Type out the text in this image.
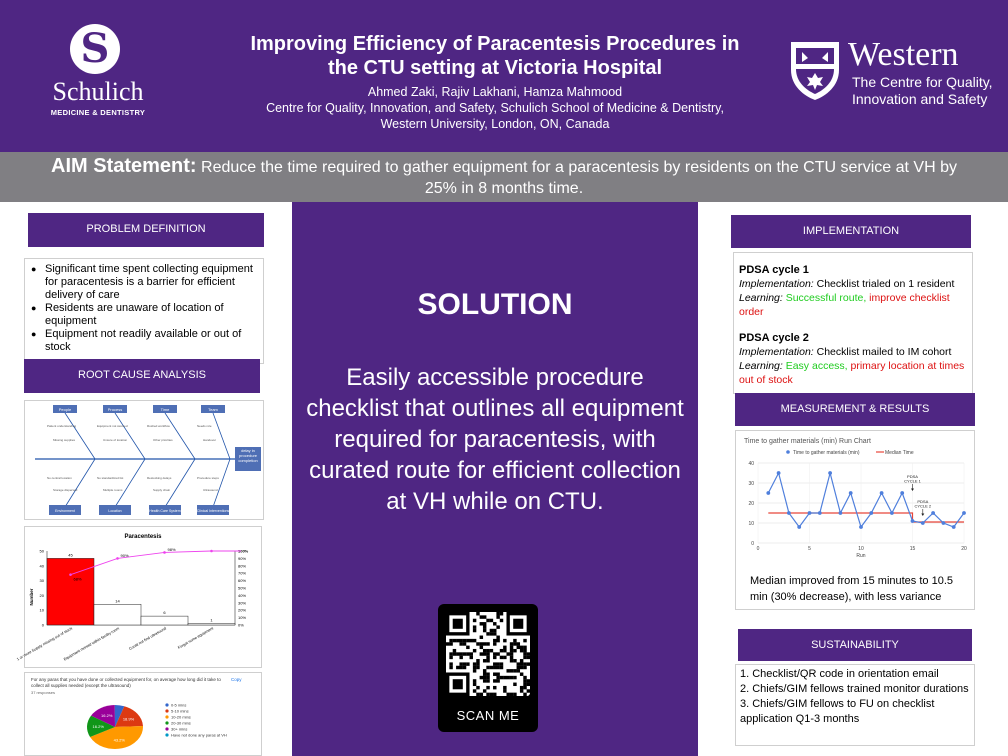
S
Schulich
MEDICINE & DENTISTRY
Improving Efficiency of Paracentesis Procedures in
the CTU setting at Victoria Hospital
Ahmed Zaki, Rajiv Lakhani, Hamza Mahmood
Centre for Quality, Innovation, and Safety, Schulich School of Medicine & Dentistry,
Western University, London, ON, Canada
Western
The Centre for Quality,
Innovation and Safety
AIM Statement: Reduce the time required to gather equipment for a paracentesis by residents on the CTU service at VH by 25% in 8 months time.
PROBLEM DEFINITION
● Significant time spent collecting equipment for paracentesis is a barrier for efficient delivery of care
● Residents are unaware of location of equipment
● Equipment not readily available or out of stock
ROOT CAUSE ANALYSIS
Patient understanding
Missing supplies
Equipment not stocked
Unsure of location
Rushed workflow
Other priorities
Needs role
Handover
No central location
Storage dispersed
No standardized list
Multiple rooms
Restocking delays
Supply chain
Procedure steps
Ultrasound
People	Process	Time	Team
Environment	Location	Health Care System	Clinical Interventions
delay in procedure completion
Paracentesis
Number
50
40
30
20
10
0
100%
90%
80%
70%
60%
50%
40%
30%
20%
10%
0%
45
1 or more Supply missing out of stock
14
Equipment missed within facility room
6
Could not find ultrasound
1
Forgot some equipment
68%
90%
98%
For any paras that you have done or collected equipment for, on average how long did it take to collect all supplies needed (except the ultrasound)
Copy
37 responses
18.9%
43.2%
16.2%
16.2%
0-5 mins
5-10 mins
10-20 mins
20-30 mins
30+ mins
Have not done any paras at VH
SOLUTION
Easily accessible procedure checklist that outlines all equipment required for paracentesis, with curated route for efficient collection at VH while on CTU.
SCAN ME
IMPLEMENTATION
PDSA cycle 1
Implementation: Checklist trialed on 1 resident
Learning: Successful route, improve checklist order
PDSA cycle 2
Implementation: Checklist mailed to IM cohort
Learning: Easy access, primary location at times out of stock
MEASUREMENT & RESULTS
Time to gather materials (min) Run Chart
Time to gather materials (min)	Median Time
0
10
20
30
40
0	5	10	15	20
Run
PDSA
CYCLE 1
PDSA
CYCLE 2
Median improved from 15 minutes to 10.5 min (30% decrease), with less variance
SUSTAINABILITY
1. Checklist/QR code in orientation email
2. Chiefs/GIM fellows trained monitor durations
3. Chiefs/GIM fellows to FU on checklist application Q1-3 months
